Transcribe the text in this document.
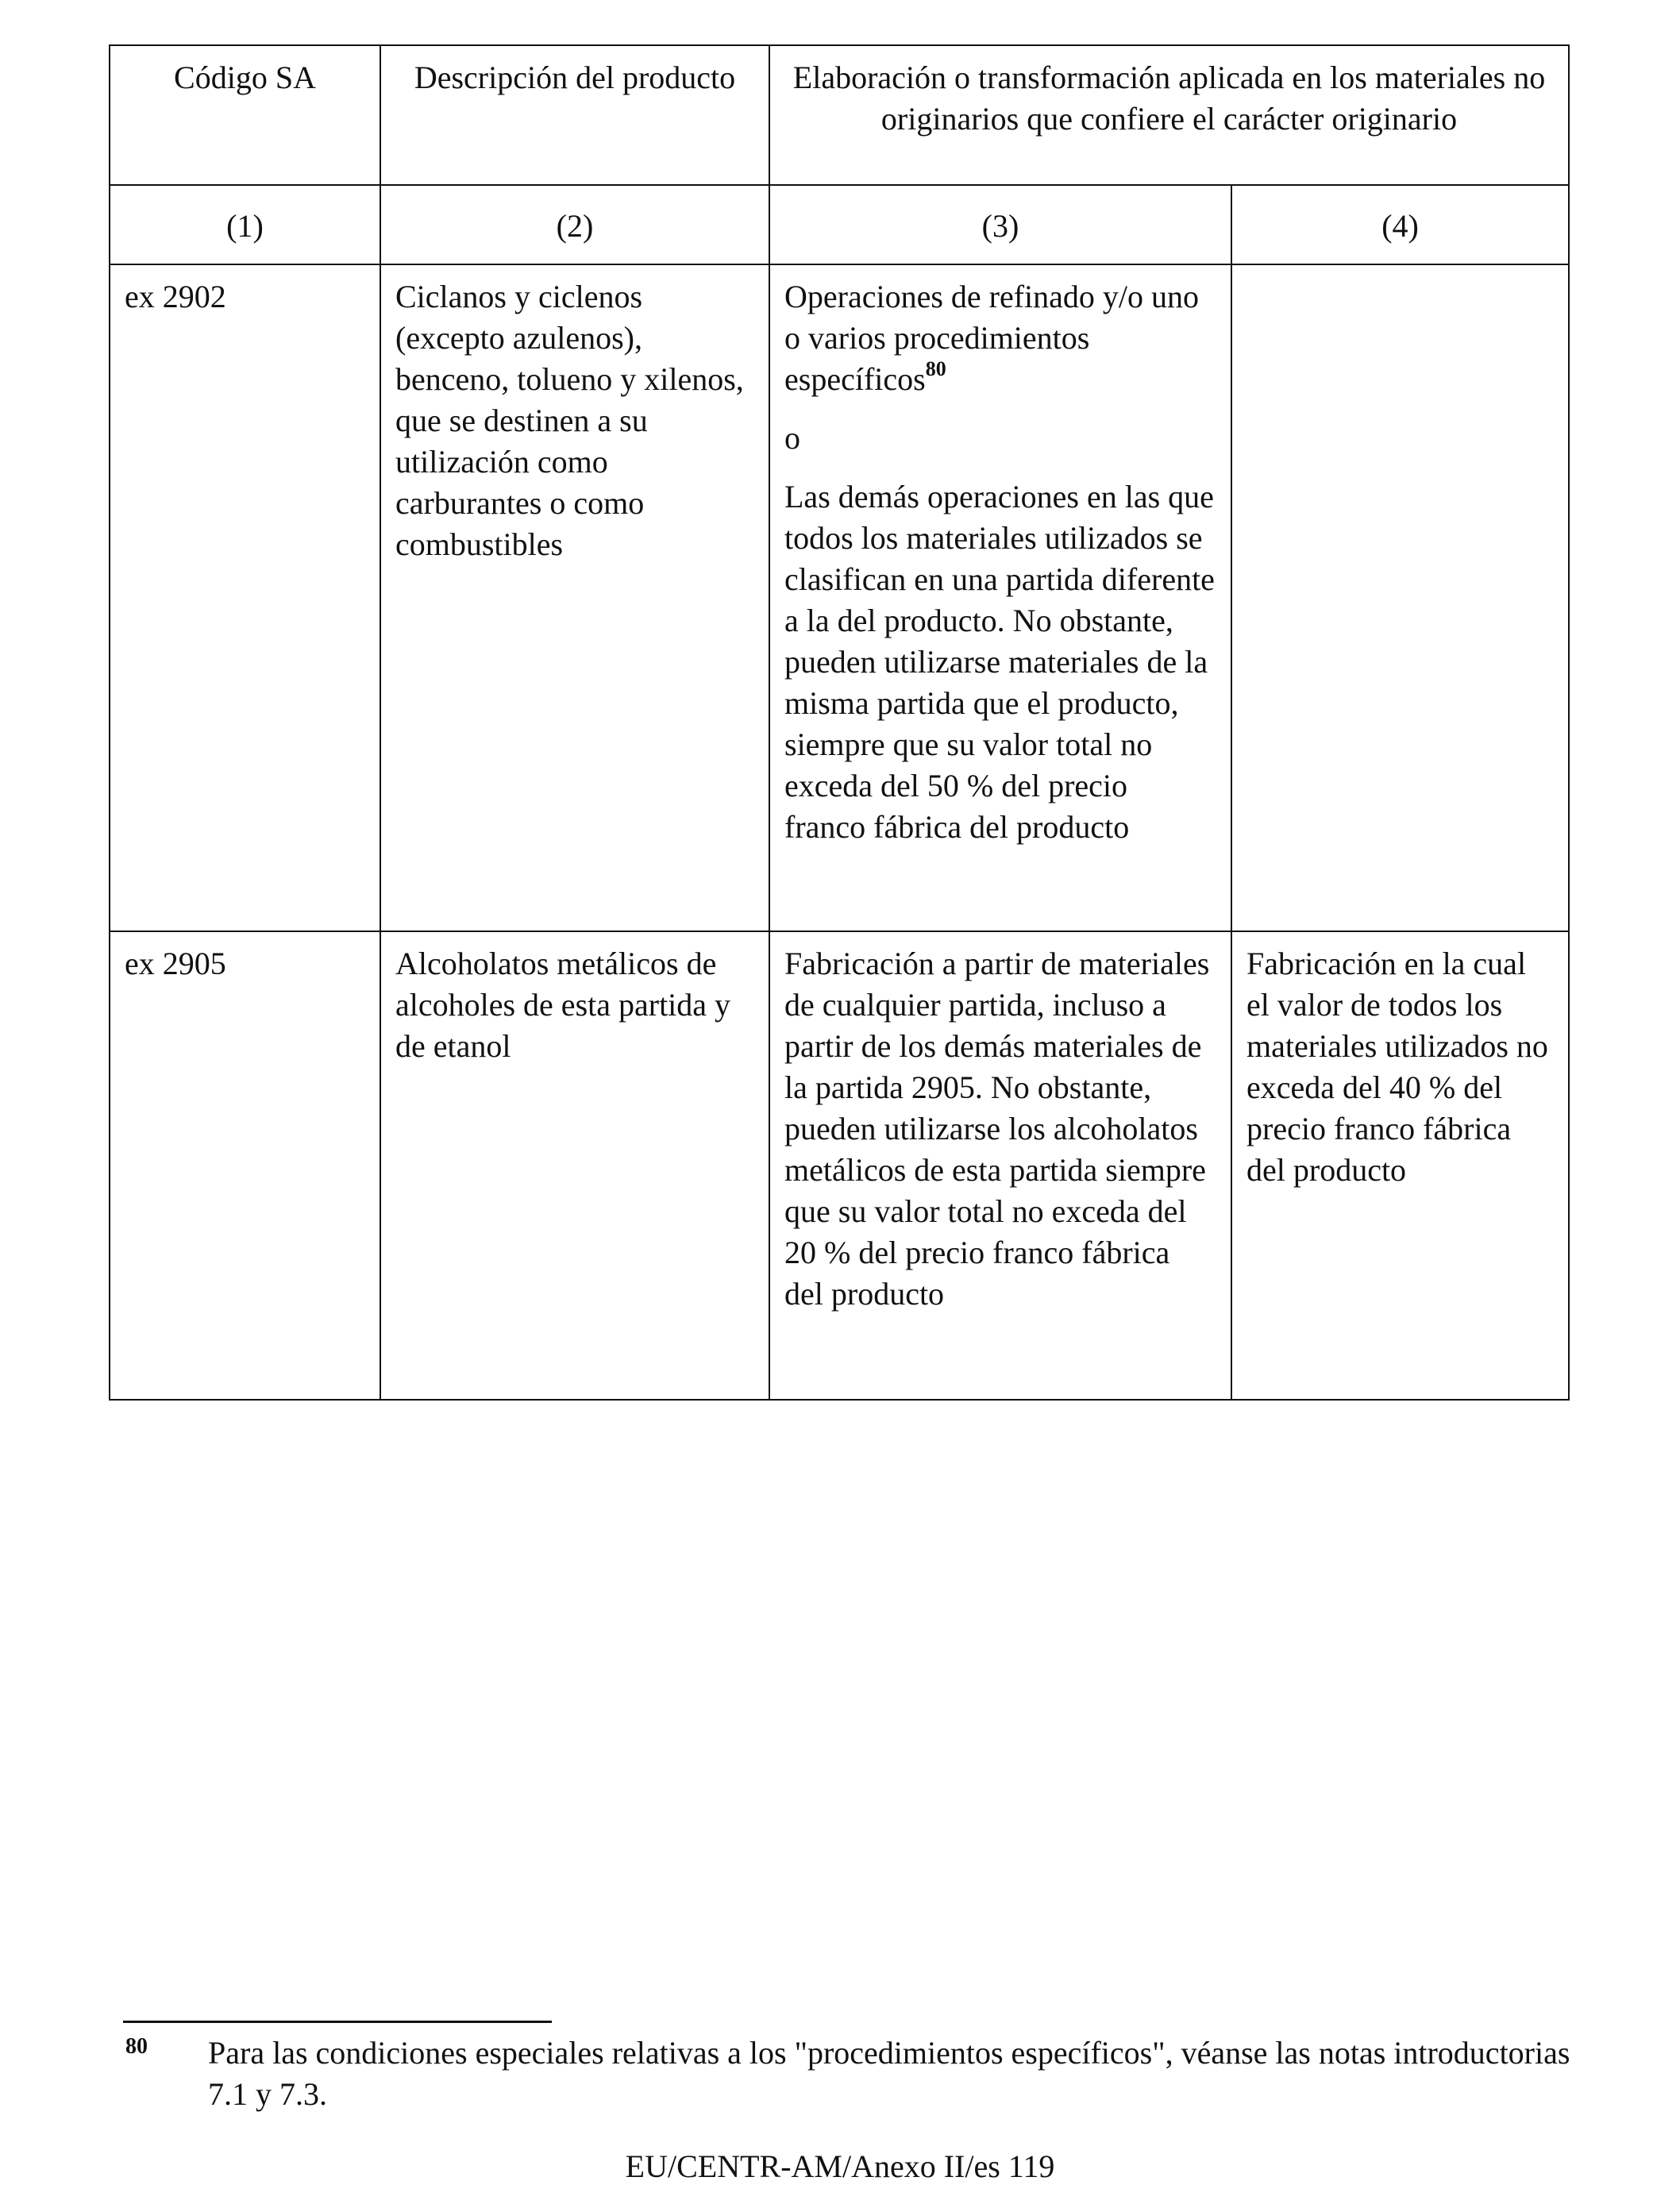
Código SA	Descripción del producto	Elaboración o transformación aplicada en los materiales no originarios que confiere el carácter originario	
(1)	(2)	(3)	(4)
ex 2902	Ciclanos y ciclenos (excepto azulenos), benceno, tolueno y xilenos, que se destinen a su utilización como carburantes o como combustibles	Operaciones de refinado y/o uno o varios procedimientos específicos$^{80}$

o

Las demás operaciones en las que todos los materiales utilizados se clasifican en una partida diferente a la del producto. No obstante, pueden utilizarse materiales de la misma partida que el producto, siempre que su valor total no exceda del 50 % del precio franco fábrica del producto	

ex 2905	Alcoholatos metálicos de alcoholes de esta partida y de etanol	Fabricación a partir de materiales de cualquier partida, incluso a partir de los demás materiales de la partida 2905. No obstante, pueden utilizarse los alcoholatos metálicos de esta partida siempre que su valor total no exceda del 20 % del precio franco fábrica del producto	Fabricación en la cual el valor de todos los materiales utilizados no exceda del 40 % del precio franco fábrica del producto
80 Para las condiciones especiales relativas a los "procedimientos específicos", véanse las notas introductorias 7.1 y 7.3.
EU/CENTR-AM/Anexo II/es 119
